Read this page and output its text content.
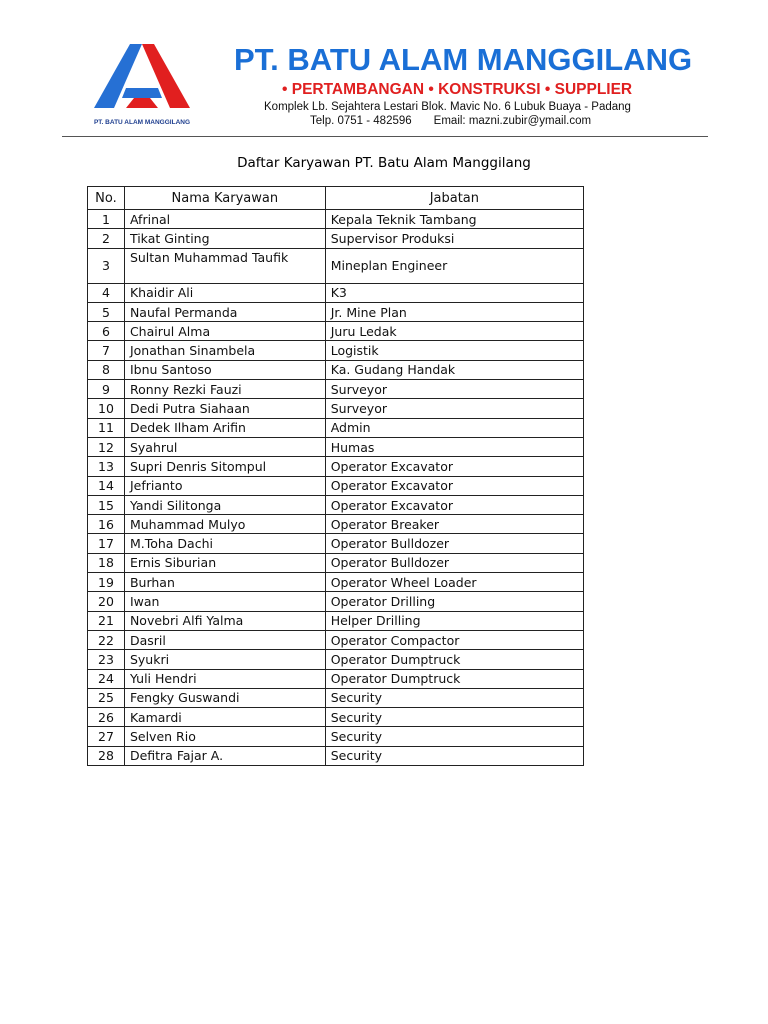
PT. BATU ALAM MANGGILANG
PT. BATU ALAM MANGGILANG
• PERTAMBANGAN • KONSTRUKSI • SUPPLIER
Komplek Lb. Sejahtera Lestari Blok. Mavic No. 6 Lubuk Buaya - Padang
Telp. 0751 - 482596 Email: mazni.zubir@ymail.com
Daftar Karyawan PT. Batu Alam Manggilang
No.	Nama Karyawan	Jabatan
1	Afrinal	Kepala Teknik Tambang
2	Tikat Ginting	Supervisor Produksi
3	Sultan Muhammad Taufik	Mineplan Engineer
4	Khaidir Ali	K3
5	Naufal Permanda	Jr. Mine Plan
6	Chairul Alma	Juru Ledak
7	Jonathan Sinambela	Logistik
8	Ibnu Santoso	Ka. Gudang Handak
9	Ronny Rezki Fauzi	Surveyor
10	Dedi Putra Siahaan	Surveyor
11	Dedek Ilham Arifin	Admin
12	Syahrul	Humas
13	Supri Denris Sitompul	Operator Excavator
14	Jefrianto	Operator Excavator
15	Yandi Silitonga	Operator Excavator
16	Muhammad Mulyo	Operator Breaker
17	M.Toha Dachi	Operator Bulldozer
18	Ernis Siburian	Operator Bulldozer
19	Burhan	Operator Wheel Loader
20	Iwan	Operator Drilling
21	Novebri Alfi Yalma	Helper Drilling
22	Dasril	Operator Compactor
23	Syukri	Operator Dumptruck
24	Yuli Hendri	Operator Dumptruck
25	Fengky Guswandi	Security
26	Kamardi	Security
27	Selven Rio	Security
28	Defitra Fajar A.	Security
